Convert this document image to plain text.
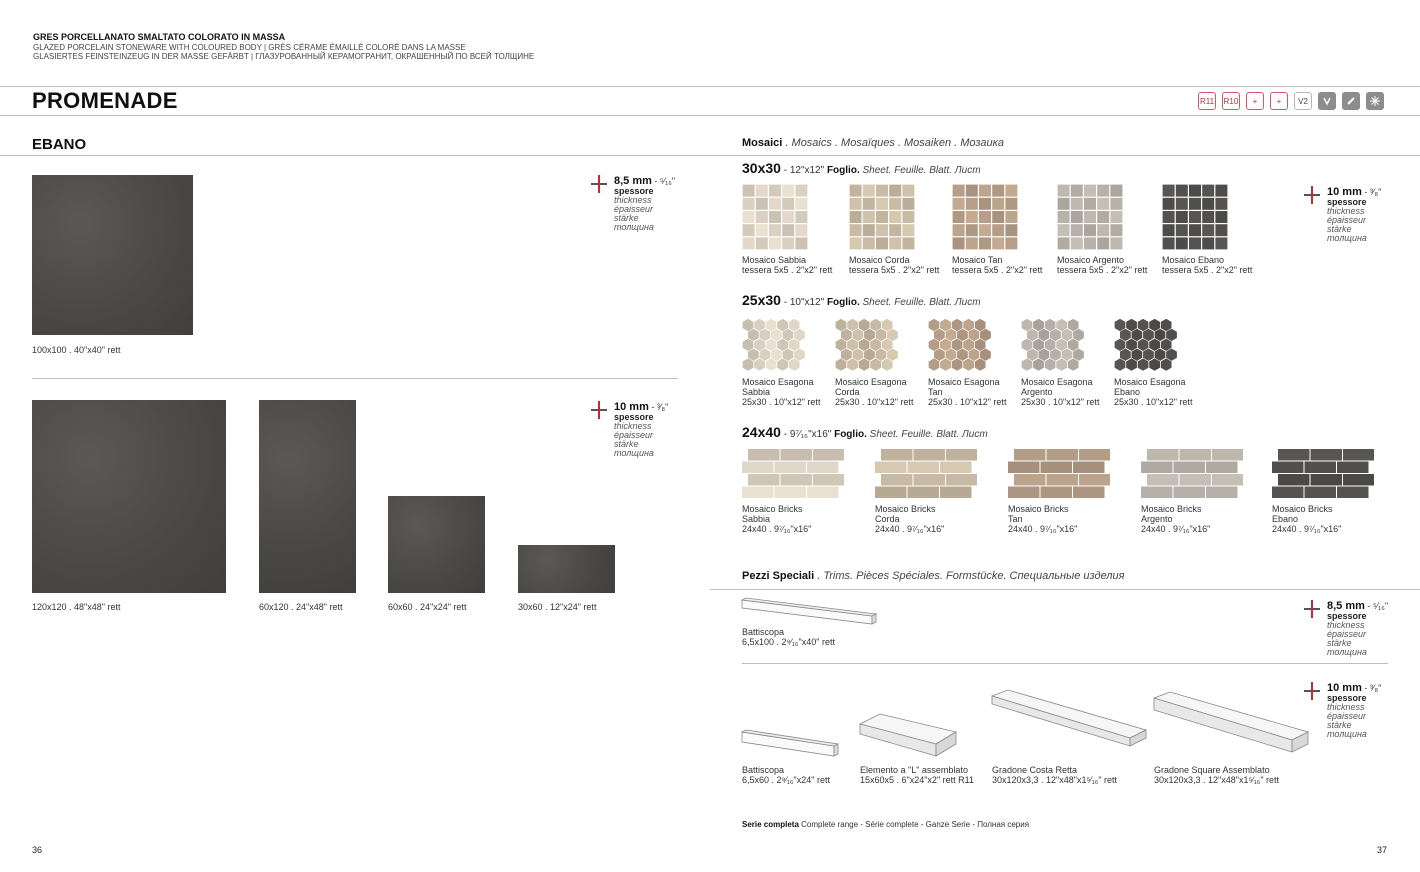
GRES PORCELLANATO SMALTATO COLORATO IN MASSA
GLAZED PORCELAIN STONEWARE WITH COLOURED BODY | GRÈS CÉRAME ÉMAILLÉ COLORÉ DANS LA MASSE
GLASIERTES FEINSTEINZEUG IN DER MASSE GEFÄRBT | ГЛАЗУРОВАННЫЙ КЕРАМОГРАНИТ, ОКРАШЕННЫЙ ПО ВСЕЙ ТОЛЩИНЕ
PROMENADE	R11 R10	+	+	V2
EBANO
100x100 . 40"x40" rett
8,5 mm - ⁵⁄₁₆"
spessore
thickness
épaisseur
stärke
толщина
120x120 . 48"x48" rett	60x120 . 24"x48" rett	60x60 . 24"x24" rett	30x60 . 12"x24" rett
10 mm - ³⁄₈"
spessore
thickness
épaisseur
stärke
толщина
36
Mosaici . Mosaics . Mosaïques . Mosaiken . Мозаика
30x30 - 12"x12" Foglio. Sheet. Feuille. Blatt. Лист
Mosaico Sabbia
tessera 5x5 . 2"x2" rett
Mosaico Corda
tessera 5x5 . 2"x2" rett
Mosaico Tan
tessera 5x5 . 2"x2" rett
Mosaico Argento
tessera 5x5 . 2"x2" rett
Mosaico Ebano
tessera 5x5 . 2"x2" rett
10 mm - ³⁄₈"
spessore
thickness
épaisseur
stärke
толщина
25x30 - 10"x12" Foglio. Sheet. Feuille. Blatt. Лист
Mosaico Esagona
Sabbia
25x30 . 10"x12" rett
Mosaico Esagona
Corda
25x30 . 10"x12" rett
Mosaico Esagona
Tan
25x30 . 10"x12" rett
Mosaico Esagona
Argento
25x30 . 10"x12" rett
Mosaico Esagona
Ebano
25x30 . 10"x12" rett
24x40 - 9⁷⁄₁₆"x16" Foglio. Sheet. Feuille. Blatt. Лист
Mosaico Bricks
Sabbia
24x40 . 9⁷⁄₁₆"x16"
Mosaico Bricks
Corda
24x40 . 9⁷⁄₁₆"x16"
Mosaico Bricks
Tan
24x40 . 9⁷⁄₁₆"x16"
Mosaico Bricks
Argento
24x40 . 9⁷⁄₁₆"x16"
Mosaico Bricks
Ebano
24x40 . 9⁷⁄₁₆"x16"
Pezzi Speciali . Trims. Pièces Spéciales. Formstücke. Специальные изделия
Battiscopa
6,5x100 . 2⁹⁄₁₆"x40" rett
8,5 mm - ⁵⁄₁₆"
spessore
thickness
épaisseur
stärke
толщина
10 mm - ³⁄₈"
spessore
thickness
épaisseur
stärke
толщина
Battiscopa
6,5x60 . 2⁹⁄₁₆"x24" rett
Elemento a "L" assemblato
15x60x5 . 6"x24"x2" rett R11
Gradone Costa Retta
30x120x3,3 . 12"x48"x1⁵⁄₁₆" rett
Gradone Square Assemblato
30x120x3,3 . 12"x48"x1⁵⁄₁₆" rett
Serie completa Complete range - Série complete - Ganze Serie - Полная серия
37
